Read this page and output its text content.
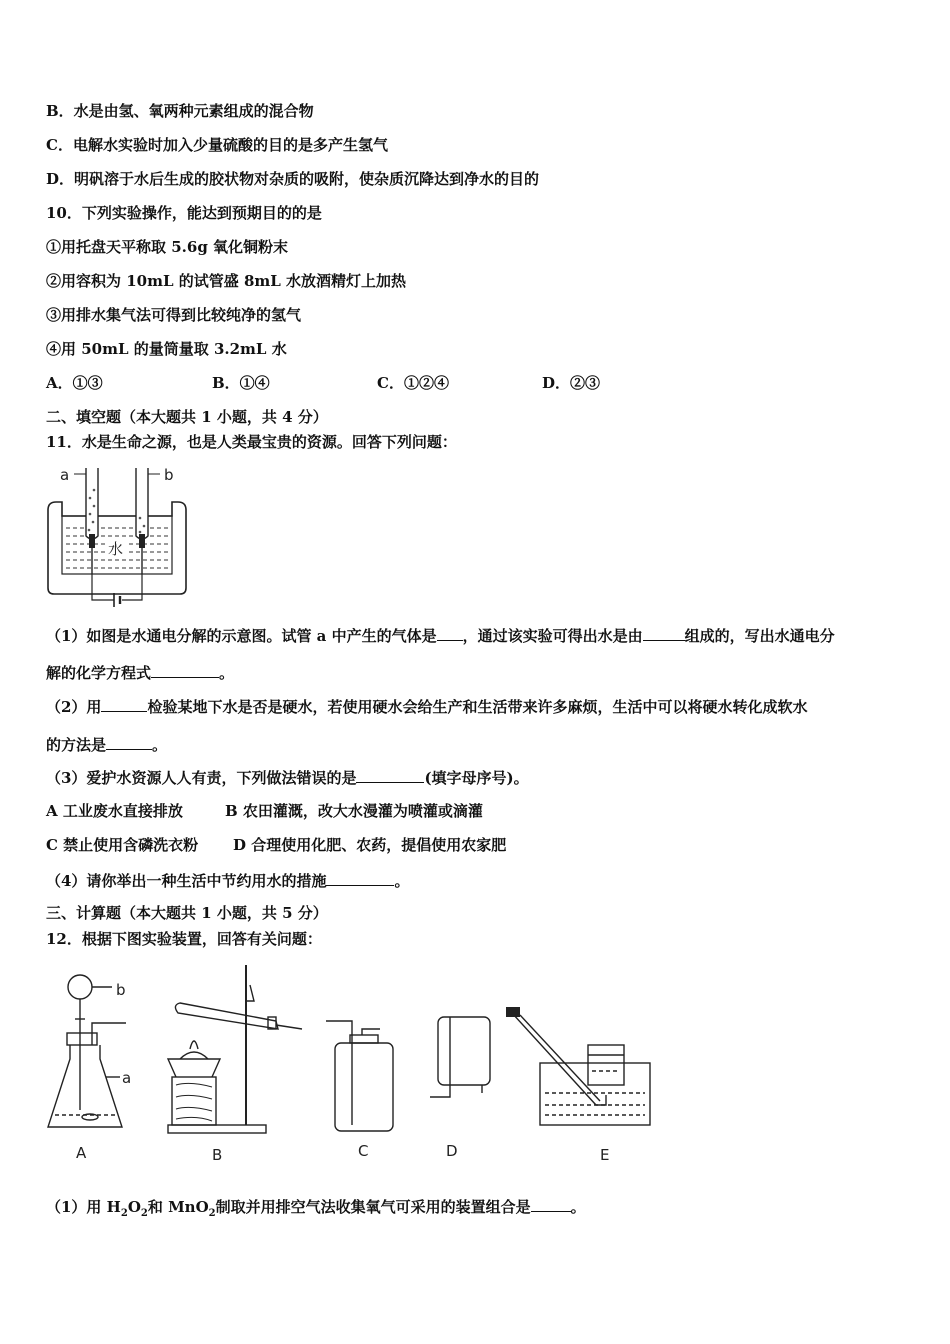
B．水是由氢、氧两种元素组成的混合物
C．电解水实验时加入少量硫酸的目的是多产生氢气
D．明矾溶于水后生成的胶状物对杂质的吸附，使杂质沉降达到净水的目的
10．下列实验操作，能达到预期目的的是
①用托盘天平称取 5.6g 氧化铜粉末
②用容积为 10mL 的试管盛 8mL 水放酒精灯上加热
③用排水集气法可得到比较纯净的氢气
④用 50mL 的量筒量取 3.2mL 水
A．①③	B．①④	C．①②④	D．②③
二、填空题（本大题共 1 小题，共 4 分）
11．水是生命之源，也是人类最宝贵的资源。回答下列问题：
a	b
水
（1）如图是水通电分解的示意图。试管 a 中产生的气体是 ，通过该实验可得出水是由	组成的，写出水通电分
解的化学方程式	。
（2）用	检验某地下水是否是硬水，若使用硬水会给生产和生活带来许多麻烦，生活中可以将硬水转化成软水
的方法是	。
（3）爱护水资源人人有责，下列做法错误的是	(填字母序号)。
A 工业废水直接排放	B 农田灌溉，改大水漫灌为喷灌或滴灌
C 禁止使用含磷洗衣粉 D 合理使用化肥、农药，提倡使用农家肥
（4）请你举出一种生活中节约用水的措施	。
三、计算题（本大题共 1 小题，共 5 分）
12．根据下图实验装置，回答有关问题：
b
a
A	B	C	D	E
（1）用 $H_2O_2$和 MnO$_2$制取并用排空气法收集氧气可采用的装置组合是	。
